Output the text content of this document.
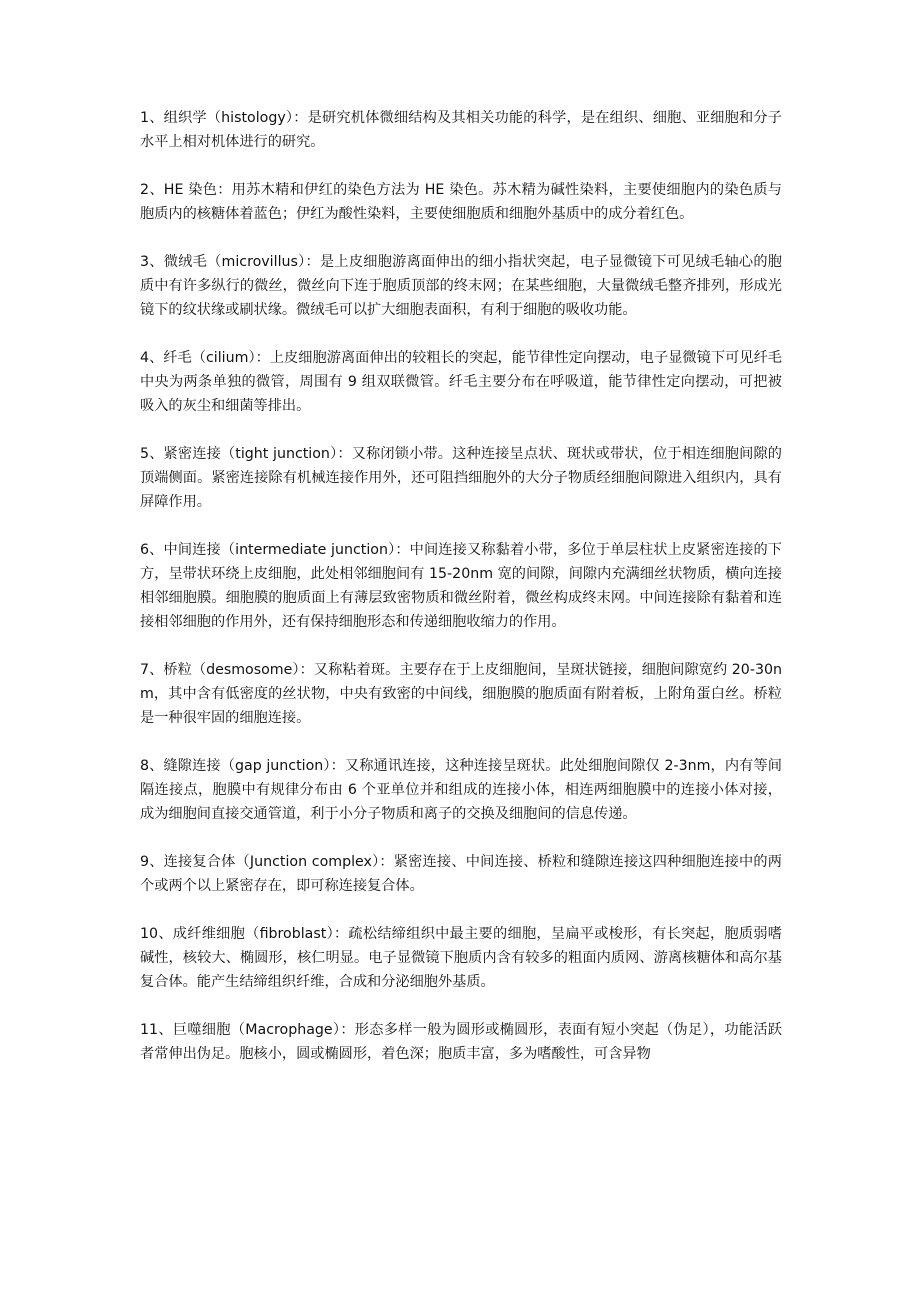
1、组织学（histology）：是研究机体微细结构及其相关功能的科学，是在组织、细胞、亚细胞和分子水平上相对机体进行的研究。

2、HE 染色：用苏木精和伊红的染色方法为 HE 染色。苏木精为碱性染料，主要使细胞内的染色质与胞质内的核糖体着蓝色；伊红为酸性染料，主要使细胞质和细胞外基质中的成分着红色。

3、微绒毛（microvillus）：是上皮细胞游离面伸出的细小指状突起，电子显微镜下可见绒毛轴心的胞质中有许多纵行的微丝，微丝向下连于胞质顶部的终末网；在某些细胞，大量微绒毛整齐排列，形成光镜下的纹状缘或刷状缘。微绒毛可以扩大细胞表面积，有利于细胞的吸收功能。

4、纤毛（cilium）：上皮细胞游离面伸出的较粗长的突起，能节律性定向摆动，电子显微镜下可见纤毛中央为两条单独的微管，周围有 9 组双联微管。纤毛主要分布在呼吸道，能节律性定向摆动，可把被吸入的灰尘和细菌等排出。

5、紧密连接（tight junction）：又称闭锁小带。这种连接呈点状、斑状或带状，位于相连细胞间隙的顶端侧面。紧密连接除有机械连接作用外，还可阻挡细胞外的大分子物质经细胞间隙进入组织内，具有屏障作用。

6、中间连接（intermediate junction）：中间连接又称黏着小带，多位于单层柱状上皮紧密连接的下方，呈带状环绕上皮细胞，此处相邻细胞间有 15-20nm 宽的间隙，间隙内充满细丝状物质，横向连接相邻细胞膜。细胞膜的胞质面上有薄层致密物质和微丝附着，微丝构成终末网。中间连接除有黏着和连接相邻细胞的作用外，还有保持细胞形态和传递细胞收缩力的作用。

7、桥粒（desmosome）：又称粘着斑。主要存在于上皮细胞间，呈斑状链接，细胞间隙宽约 20-30nm，其中含有低密度的丝状物，中央有致密的中间线，细胞膜的胞质面有附着板，上附角蛋白丝。桥粒是一种很牢固的细胞连接。

8、缝隙连接（gap junction）：又称通讯连接，这种连接呈斑状。此处细胞间隙仅 2-3nm，内有等间隔连接点，胞膜中有规律分布由 6 个亚单位并和组成的连接小体，相连两细胞膜中的连接小体对接，成为细胞间直接交通管道，利于小分子物质和离子的交换及细胞间的信息传递。

9、连接复合体（Junction complex）：紧密连接、中间连接、桥粒和缝隙连接这四种细胞连接中的两个或两个以上紧密存在，即可称连接复合体。

10、成纤维细胞（fibroblast）：疏松结缔组织中最主要的细胞，呈扁平或梭形，有长突起，胞质弱嗜碱性，核较大、椭圆形，核仁明显。电子显微镜下胞质内含有较多的粗面内质网、游离核糖体和高尔基复合体。能产生结缔组织纤维，合成和分泌细胞外基质。

11、巨噬细胞（Macrophage）：形态多样一般为圆形或椭圆形，表面有短小突起（伪足），功能活跃者常伸出伪足。胞核小，圆或椭圆形，着色深；胞质丰富，多为嗜酸性，可含异物
